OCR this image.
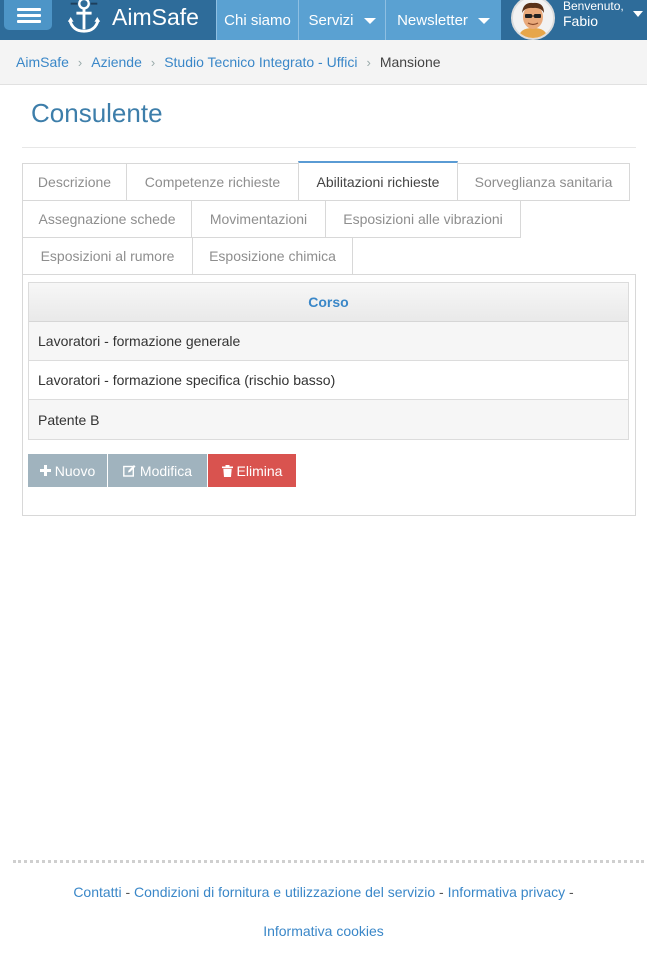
AimSafe Chi siamo Servizi	Newsletter
Benvenuto,
Fabio
AimSafe › Aziende › Studio Tecnico Integrato - Uffici › Mansione
Consulente
Descrizione	Competenze richieste	Abilitazioni richieste	Sorveglianza sanitaria
Assegnazione schede	Movimentazioni	Esposizioni alle vibrazioni
Esposizioni al rumore	Esposizione chimica
Corso
Lavoratori - formazione generale
Lavoratori - formazione specifica (rischio basso)
Patente B
Nuovo	Modifica	Elimina
Contatti - Condizioni di fornitura e utilizzazione del servizio - Informativa privacy -
Informativa cookies
